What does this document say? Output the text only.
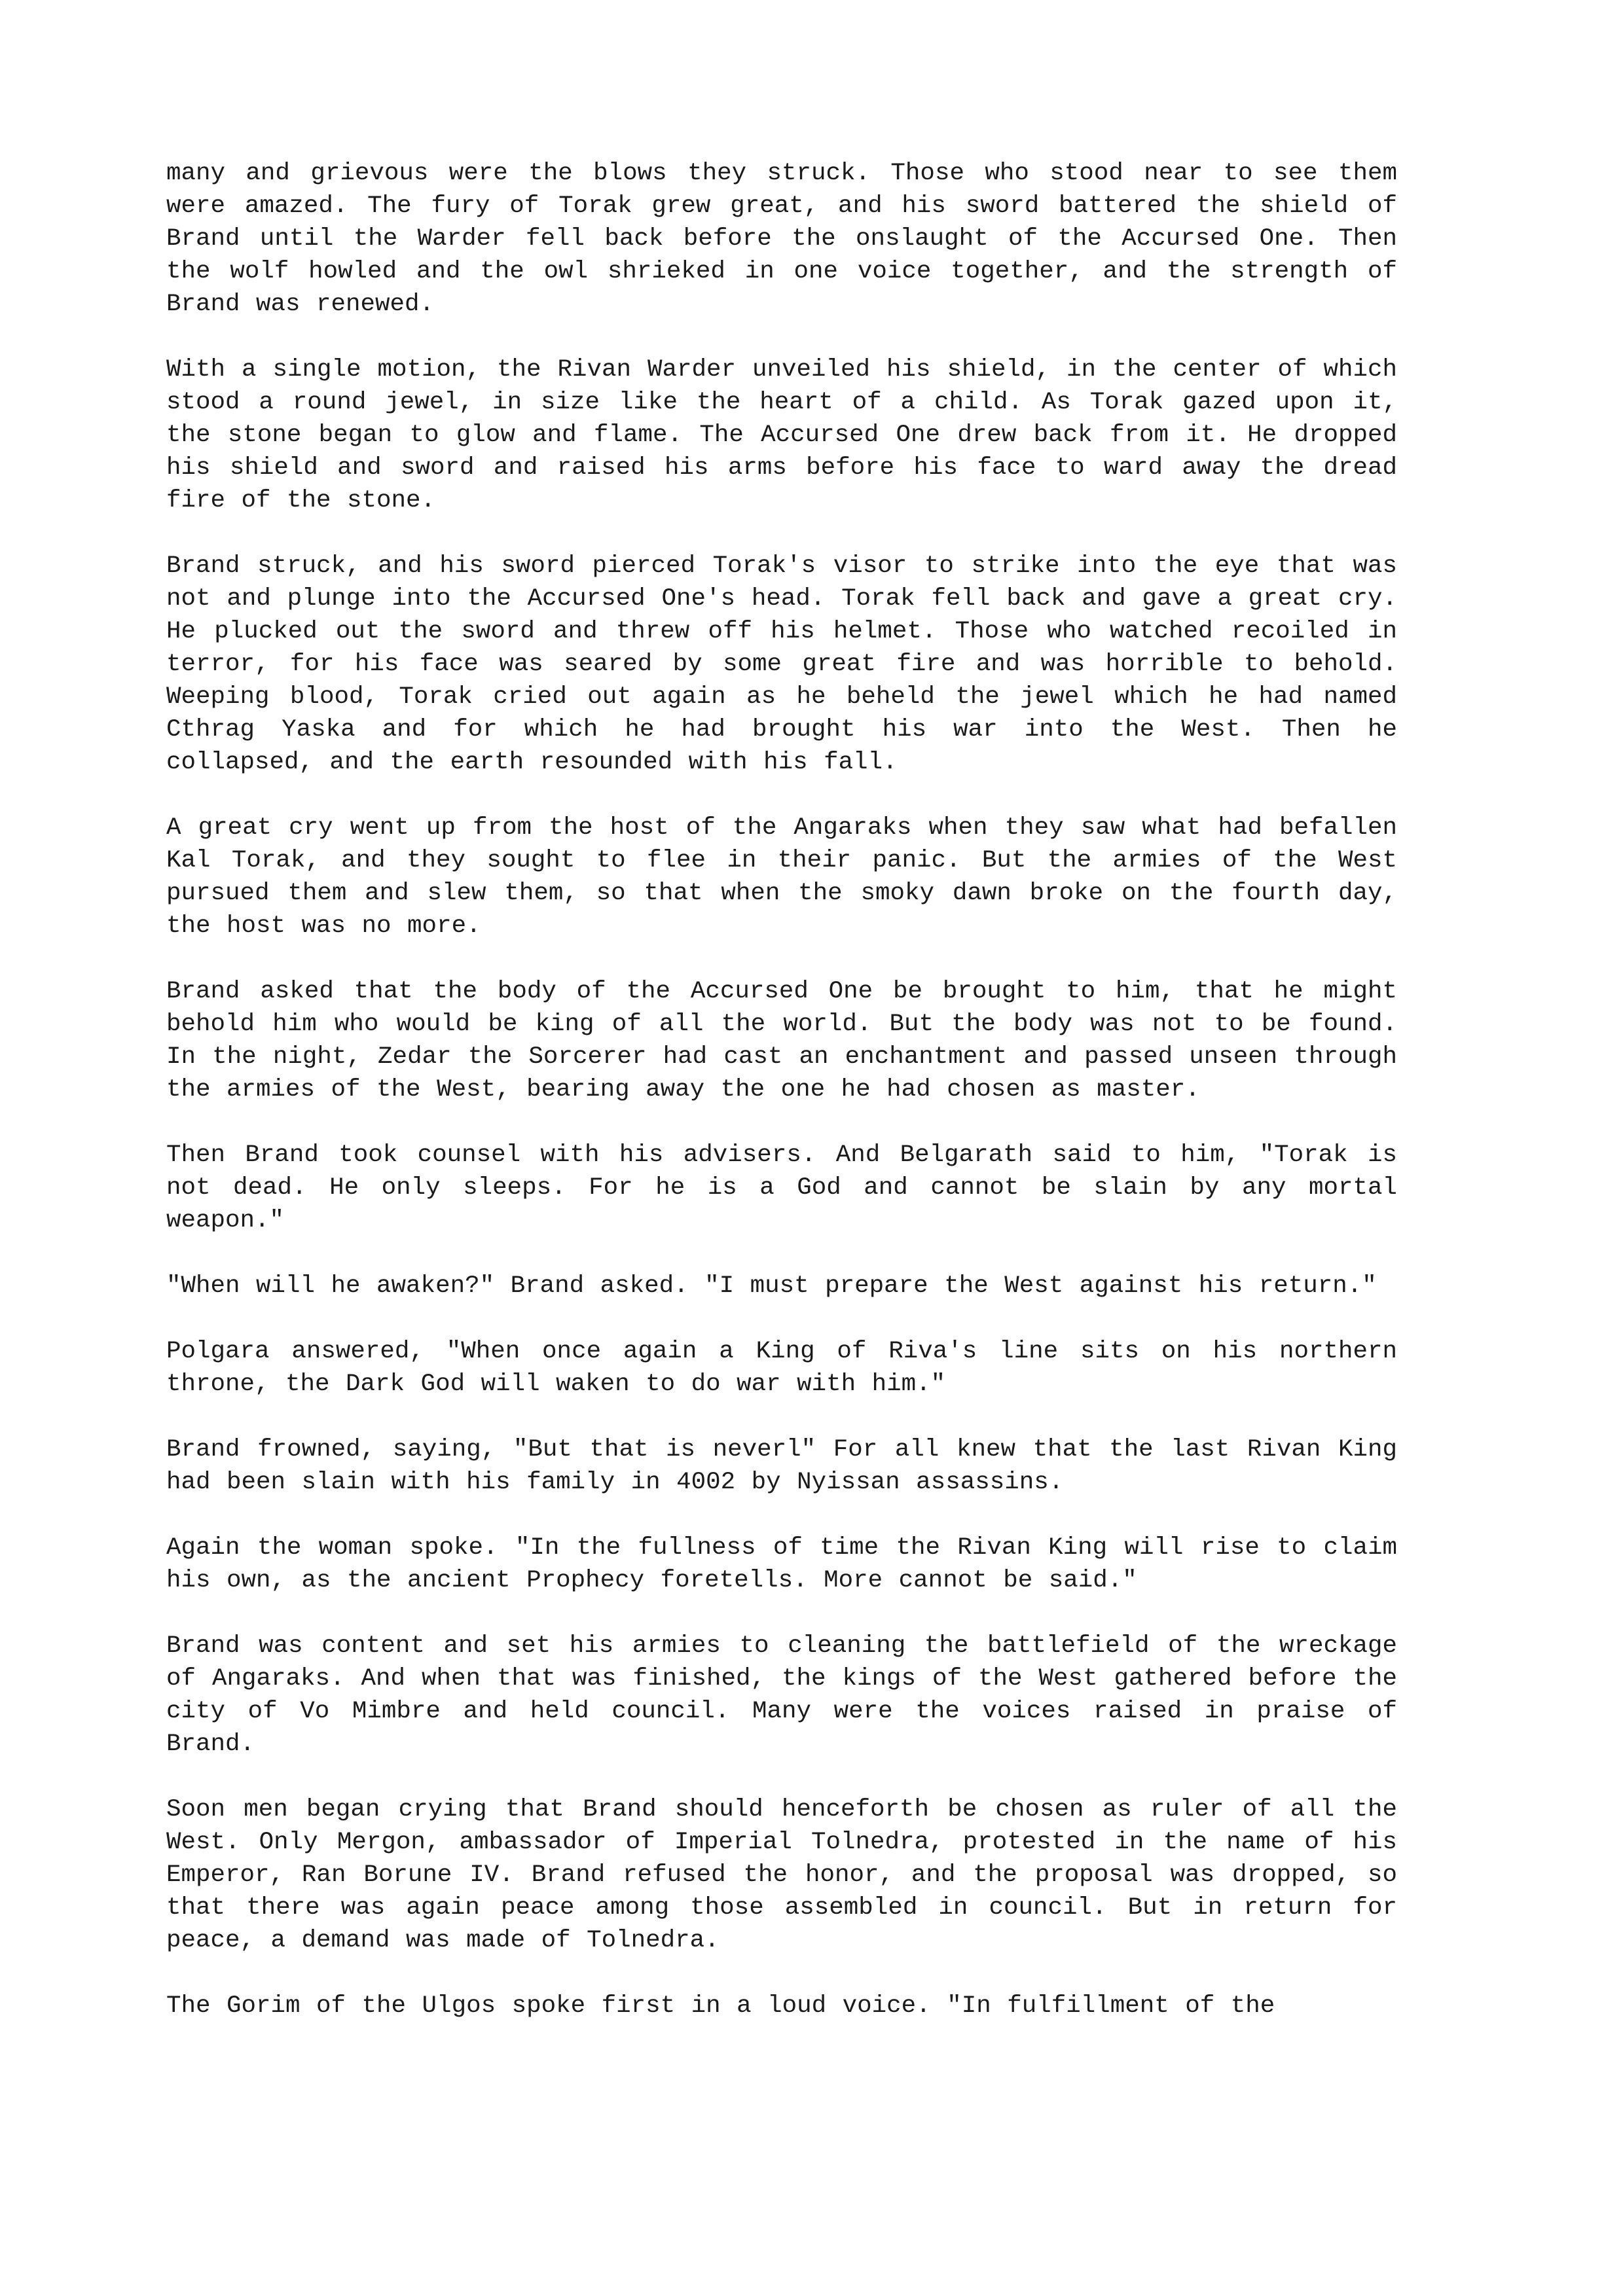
many and grievous were the blows they struck. Those who stood near to see them were amazed. The fury of Torak grew great, and his sword battered the shield of Brand until the Warder fell back before the onslaught of the Accursed One. Then the wolf howled and the owl shrieked in one voice together, and the strength of Brand was renewed.

With a single motion, the Rivan Warder unveiled his shield, in the center of which stood a round jewel, in size like the heart of a child. As Torak gazed upon it, the stone began to glow and flame. The Accursed One drew back from it. He dropped his shield and sword and raised his arms before his face to ward away the dread fire of the stone.

Brand struck, and his sword pierced Torak's visor to strike into the eye that was not and plunge into the Accursed One's head. Torak fell back and gave a great cry. He plucked out the sword and threw off his helmet. Those who watched recoiled in terror, for his face was seared by some great fire and was horrible to behold. Weeping blood, Torak cried out again as he beheld the jewel which he had named Cthrag Yaska and for which he had brought his war into the West. Then he collapsed, and the earth resounded with his fall.

A great cry went up from the host of the Angaraks when they saw what had befallen Kal Torak, and they sought to flee in their panic. But the armies of the West pursued them and slew them, so that when the smoky dawn broke on the fourth day, the host was no more.

Brand asked that the body of the Accursed One be brought to him, that he might behold him who would be king of all the world. But the body was not to be found. In the night, Zedar the Sorcerer had cast an enchantment and passed unseen through the armies of the West, bearing away the one he had chosen as master.

Then Brand took counsel with his advisers. And Belgarath said to him, "Torak is not dead. He only sleeps. For he is a God and cannot be slain by any mortal weapon."

"When will he awaken?" Brand asked. "I must prepare the West against his return."

Polgara answered, "When once again a King of Riva's line sits on his northern throne, the Dark God will waken to do war with him."

Brand frowned, saying, "But that is neverl" For all knew that the last Rivan King had been slain with his family in 4002 by Nyissan assassins.

Again the woman spoke. "In the fullness of time the Rivan King will rise to claim his own, as the ancient Prophecy foretells. More cannot be said."

Brand was content and set his armies to cleaning the battlefield of the wreckage of Angaraks. And when that was finished, the kings of the West gathered before the city of Vo Mimbre and held council. Many were the voices raised in praise of Brand.

Soon men began crying that Brand should henceforth be chosen as ruler of all the West. Only Mergon, ambassador of Imperial Tolnedra, protested in the name of his Emperor, Ran Borune IV. Brand refused the honor, and the proposal was dropped, so that there was again peace among those assembled in council. But in return for peace, a demand was made of Tolnedra.

The Gorim of the Ulgos spoke first in a loud voice. "In fulfillment of the
